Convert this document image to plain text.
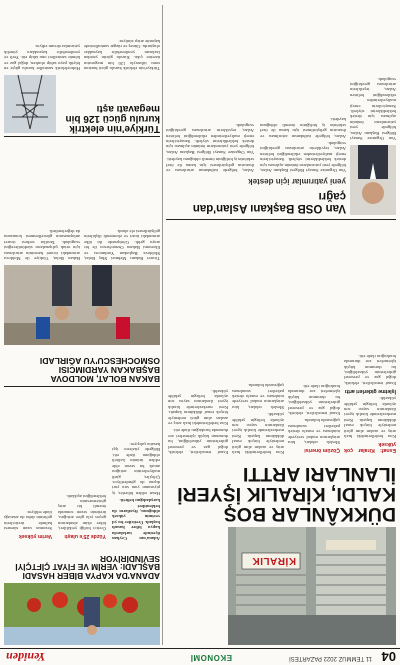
04
11 TEMMUZ 2022 PAZARTESİ
EKONOMİ
Yeniden
KİRALIK
DÜKKÂNLAR BOŞ KALDI, KİRALIK İŞYERİ İLANLARI ARTTI
Esnaf: Kiralar çok yüksek

Kira bedellerindeki hızlı artış ve azalan alım gücü nedeniyle birçok esnaf dükkânını kapattı. Kent merkezlerinde kiralık işyeri ilanlarının sayısı son aylarda belirgin şekilde yükseldi.

İşletme giderleri arttı

Esnaf temsilcileri, elektrik, doğal gaz ve personel giderlerinin yükseldiğini, bu durumun küçük işletmeleri zor durumda bıraktığını ifade etti.

Çözüm önerisi

Meslek odaları, kira artışlarının makul seviyede tutulması ve esnafa destek paketleri sunulması çağrısında bulundu.

Esnaf temsilcileri, elektrik, doğal gaz ve personel giderlerinin yükseldiğini, bu durumun küçük işletmeleri zor durumda bıraktığını ifade etti.

Kira bedellerindeki hızlı artış ve azalan alım gücü nedeniyle birçok esnaf dükkânını kapattı. Kent merkezlerinde kiralık işyeri ilanlarının sayısı son aylarda belirgin şekilde yükseldi.

Meslek odaları, kira artışlarının makul seviyede tutulması ve esnafa destek paketleri sunulması çağrısında bulundu.

Esnaf temsilcileri, elektrik, doğal gaz ve personel giderlerinin yükseldiğini, bu durumun küçük işletmeleri zor durumda bıraktığını ifade etti.

Kira bedellerindeki hızlı artış ve azalan alım gücü nedeniyle birçok esnaf dükkânını kapattı. Kent merkezlerinde kiralık işyeri ilanlarının sayısı son aylarda belirgin şekilde yükseldi.

ADANA'DA KAPYA BİBER HASADI BAŞLADI: VERİM VE FİYAT ÇİFTÇİYİ SEVİNDİRİYOR

Adana'nın Ceyhan ilçesinde tarlalarda kapya biber hasadı başladı. Üreticiler bu yıl verimin yüksek olduğunu, fiyatların da beklentileri karşıladığını belirtti.

Hasat edilen biberler, iç piyasanın yanı sıra yurt dışına da gönderiliyor. Çiftçiler, girdi maliyetlerinin arttığını ancak bu sezon elde edilen ürünün kaliteli olduğunu ifade etti. Bölgede yüzlerce işçi hasatta çalışıyor.

Yüzde 25'e ulaştı

Üretici birliği yetkilileri, biber ekim alanlarının geçen yıla göre arttığını, üretimin sezon sonunda önemli bir artış göstermesinin beklendiğini açıkladı.

Verim yüksek

Sezonun uzun sürmesi halinde üreticilerin gelirinin daha da artacağı ifade ediliyor.

Van OSB Başkanı Aslan'dan çağrı
yeni yatırımlar için destek

Van Organize Sanayi Bölgesi Başkanı Aslan, bölgede yeni yatırımların önünün açılması için destek beklediklerini söyledi. Sanayicilerin enerji maliyetlerinden etkilendiğini belirten Aslan, teşviklerin artırılması gerektiğini vurguladı.

Aslan, bölgede istihdamın artırılması ve ihracatın geliştirilmesi için kamu ile özel sektörün iş birliğinin önemli olduğunu kaydetti.

Aslan, bölgede istihdamın artırılması ve ihracatın geliştirilmesi için kamu ile özel sektörün iş birliğinin önemli olduğunu kaydetti.

Van Organize Sanayi Bölgesi Başkanı Aslan, bölgede yeni yatırımların önünün açılması için destek beklediklerini söyledi. Sanayicilerin enerji maliyetlerinden etkilendiğini belirten Aslan, teşviklerin artırılması gerektiğini vurguladı.

Van Organize Sanayi Bölgesi Başkanı Aslan, bölgede yeni yatırımların önünün açılması için destek beklediklerini söyledi. Sanayicilerin enerji maliyetlerinden etkilendiğini belirten Aslan, teşviklerin artırılması gerektiğini vurguladı.

BAKAN BOLAT, MOLDOVA BAŞBAKAN YARDIMCISI OSMOCHESCU'YU AĞIRLADI

Ticaret Bakanı Mehmet Muş Bolat, Moldova Başbakan Yardımcısı ve Ekonomi Bakanı Osmochescu ile bir araya geldi. Görüşmede iki ülke arasındaki ticari ve ekonomik ilişkilerin geliştirilmesi ele alındı.

Bakan Bolat, Türkiye ile Moldova arasındaki ticaret hacminin artırılması için ortak çalışmaların sürdürüleceğini vurguladı. Taraflar serbest ticaret anlaşmasının güncellenmesi konusunu da değerlendirdi.

Türkiye'nin elektrik kurulu gücü 126 bin megavatı aştı

Türkiye'nin elektrik kurulu gücü haziran sonu itibarıyla 126 bin megavatın üzerine çıktı. Kurulu gücün yarıdan fazlasını yenilenebilir kaynaklar oluşturdu. Güneş ve rüzgar santrallerinde kapasite artışı sürüyor.

Hidroelektrik santraller kurulu güçte en büyük paya sahip olurken, doğal gaz ve kömür santralleri onu takip etti. Yerli ve yenilenebilir kaynaklara yönelik yatırımlar devam ediyor.
